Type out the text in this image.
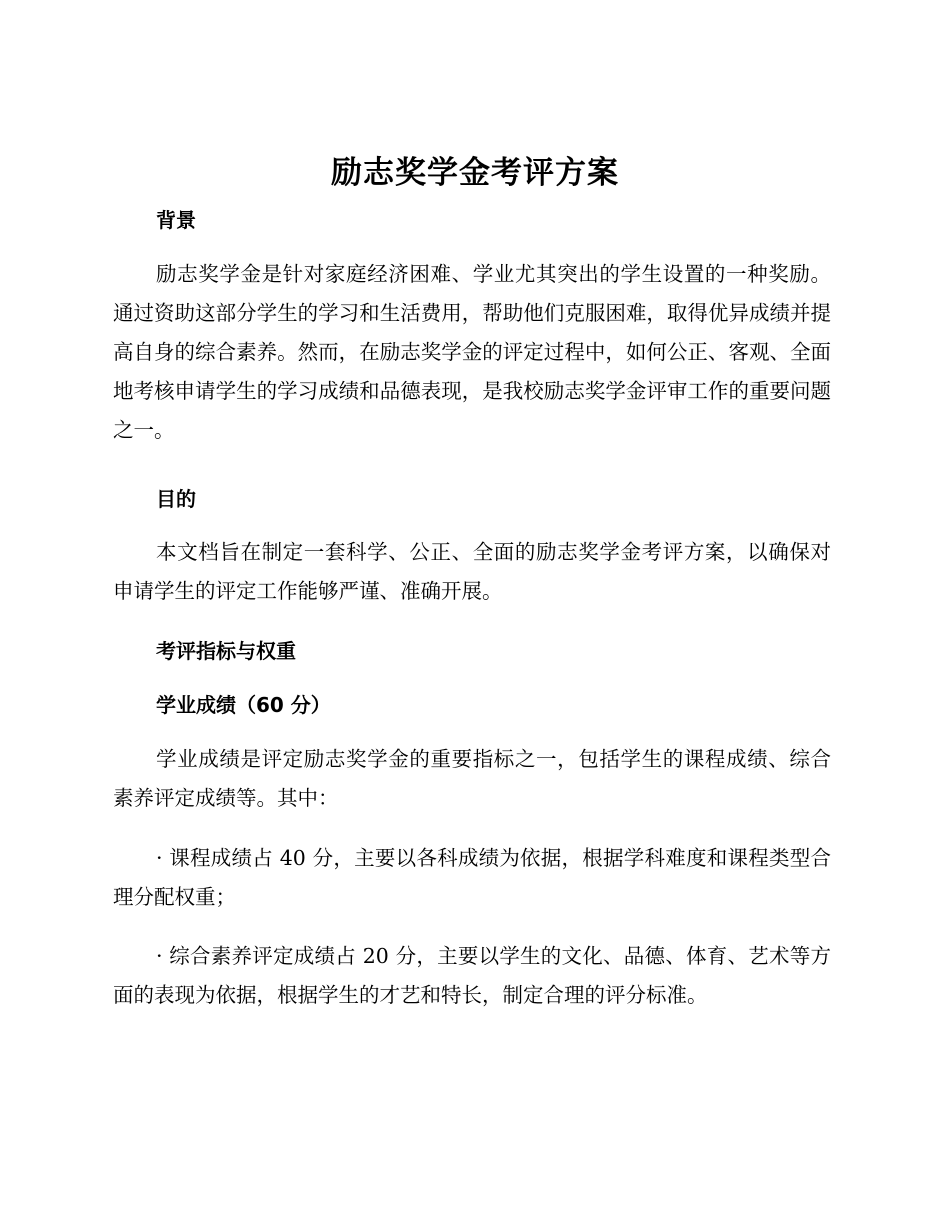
励志奖学金考评方案
背景

励志奖学金是针对家庭经济困难、学业尤其突出的学生设置的一种奖励。通过资助这部分学生的学习和生活费用，帮助他们克服困难，取得优异成绩并提高自身的综合素养。然而，在励志奖学金的评定过程中，如何公正、客观、全面地考核申请学生的学习成绩和品德表现，是我校励志奖学金评审工作的重要问题之一。

目的

本文档旨在制定一套科学、公正、全面的励志奖学金考评方案，以确保对申请学生的评定工作能够严谨、准确开展。

考评指标与权重
学业成绩（60 分）

学业成绩是评定励志奖学金的重要指标之一，包括学生的课程成绩、综合素养评定成绩等。其中：

· 课程成绩占 40 分，主要以各科成绩为依据，根据学科难度和课程类型合理分配权重；

· 综合素养评定成绩占 20 分，主要以学生的文化、品德、体育、艺术等方面的表现为依据，根据学生的才艺和特长，制定合理的评分标准。
